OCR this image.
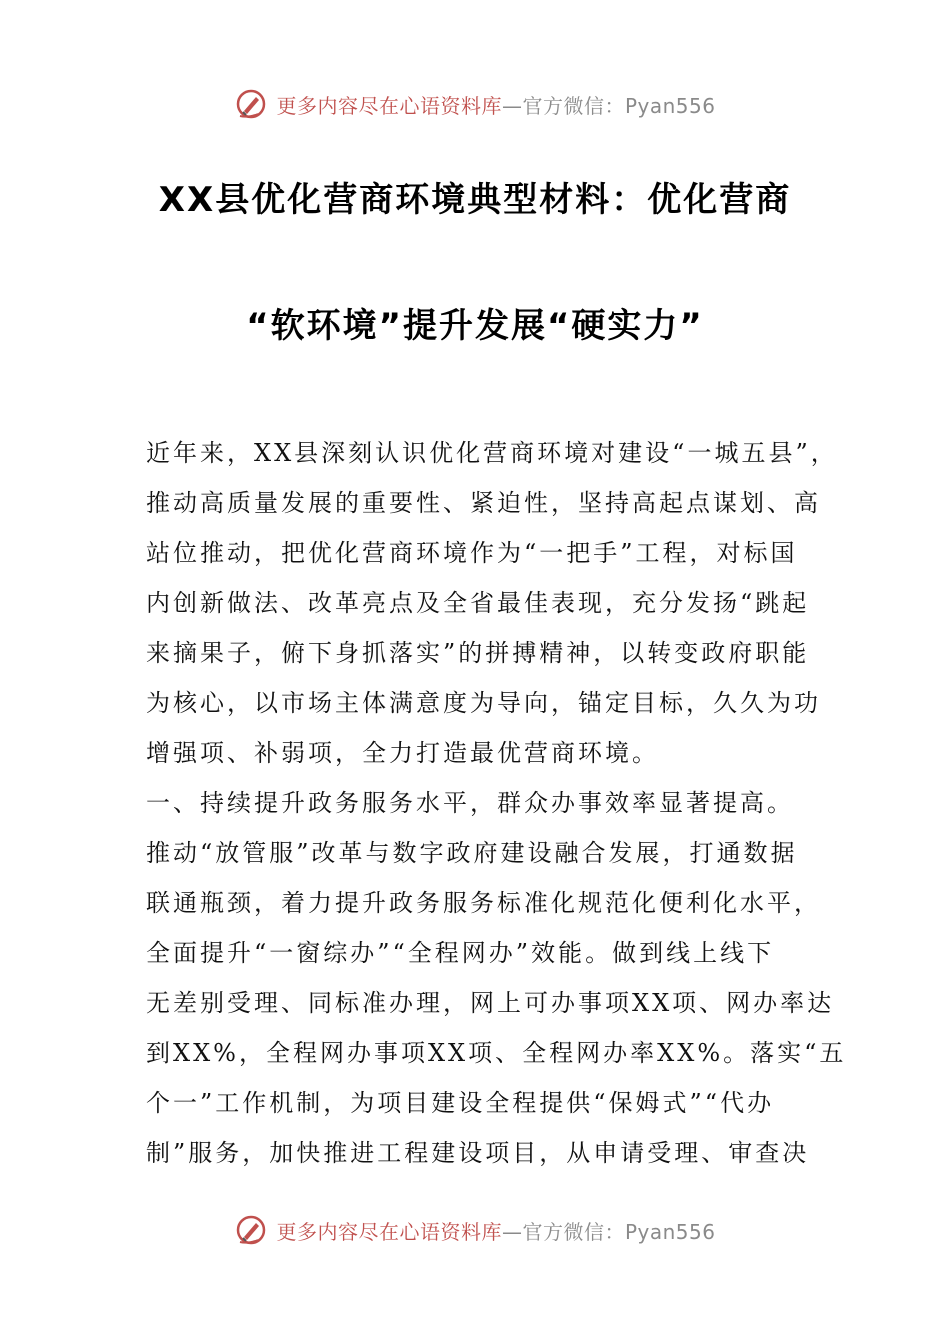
更多内容尽在心语资料库—官方微信：Pyan556
XX县优化营商环境典型材料：优化营商
“软环境”提升发展“硬实力”
近年来，XX县深刻认识优化营商环境对建设“一城五县”，
推动高质量发展的重要性、紧迫性，坚持高起点谋划、高
站位推动，把优化营商环境作为“一把手”工程，对标国
内创新做法、改革亮点及全省最佳表现，充分发扬“跳起
来摘果子，俯下身抓落实”的拼搏精神，以转变政府职能
为核心，以市场主体满意度为导向，锚定目标，久久为功
增强项、补弱项，全力打造最优营商环境。
一、持续提升政务服务水平，群众办事效率显著提高。
推动“放管服”改革与数字政府建设融合发展，打通数据
联通瓶颈，着力提升政务服务标准化规范化便利化水平，
全面提升“一窗综办”“全程网办”效能。做到线上线下
无差别受理、同标准办理，网上可办事项XX项、网办率达
到XX%，全程网办事项XX项、全程网办率XX%。落实“五
个一”工作机制，为项目建设全程提供“保姆式”“代办
制”服务，加快推进工程建设项目，从申请受理、审查决
更多内容尽在心语资料库—官方微信：Pyan556
